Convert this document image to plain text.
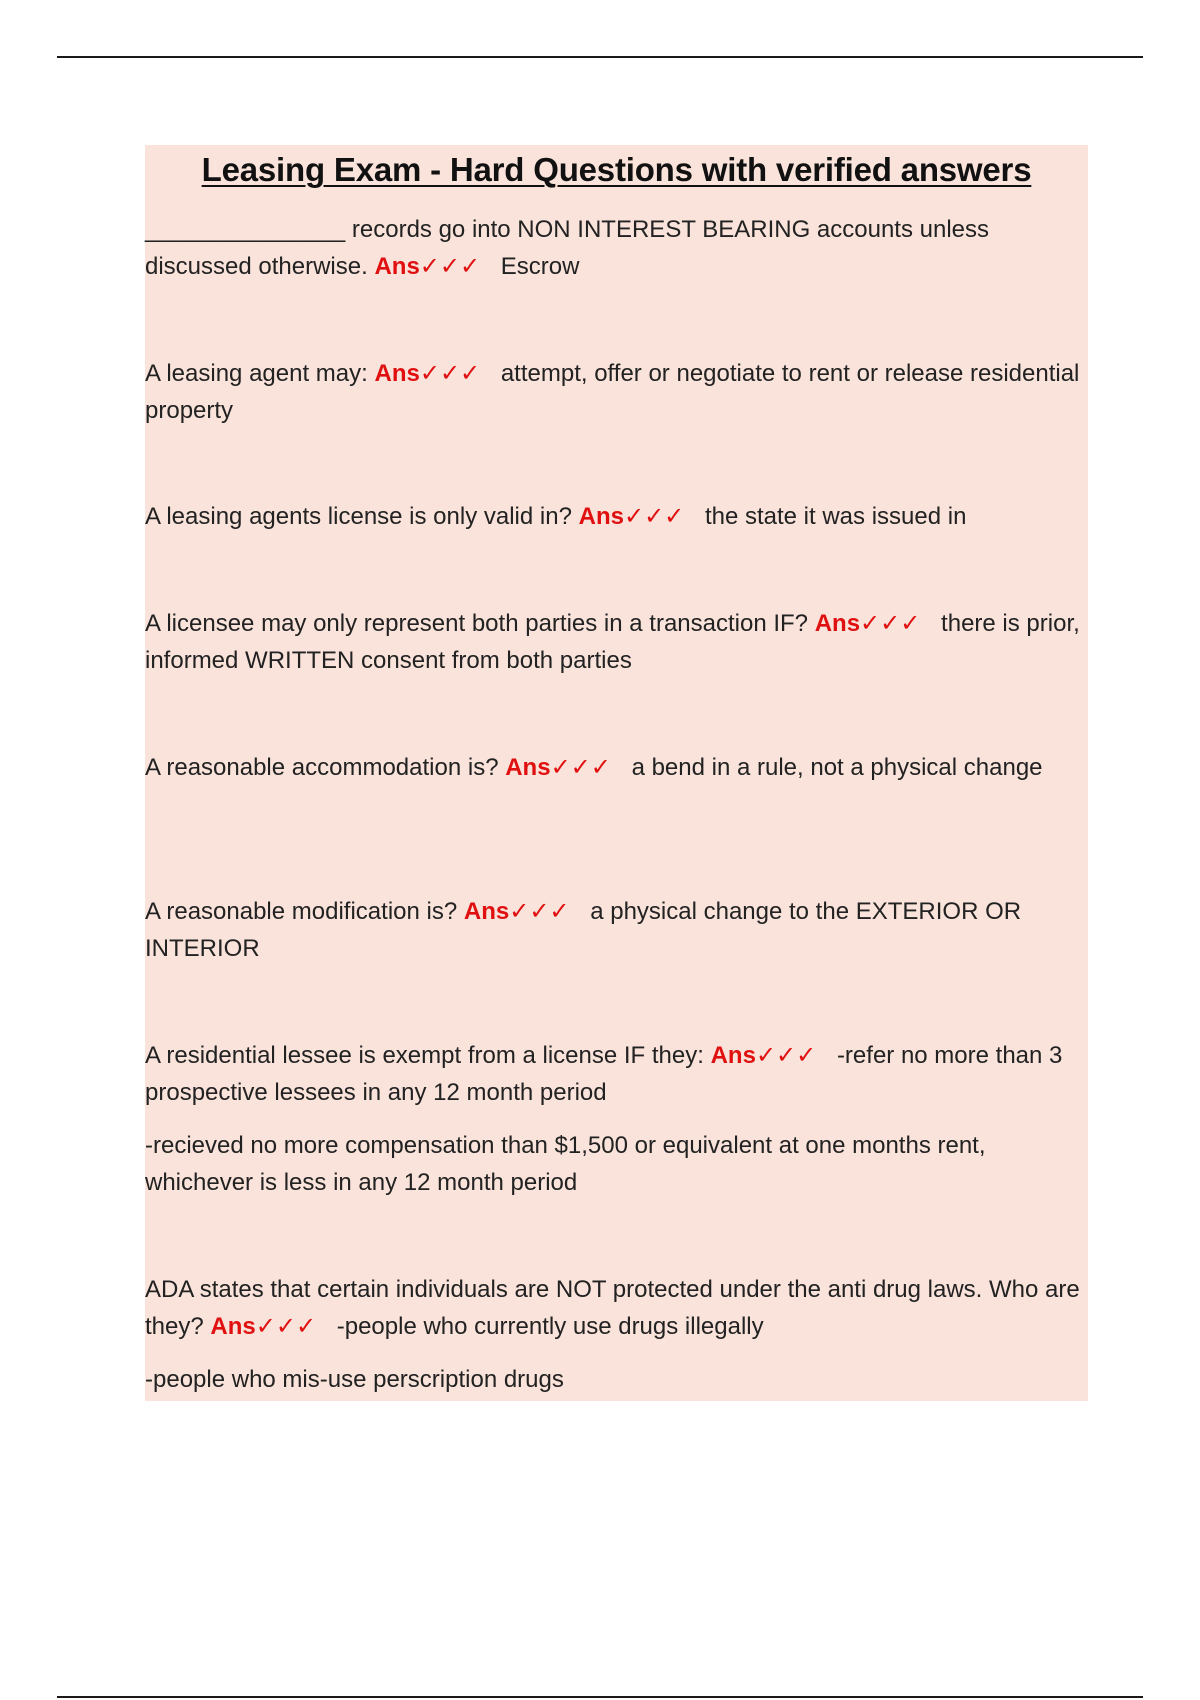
Leasing Exam - Hard Questions with verified answers

_______________ records go into NON INTEREST BEARING accounts unless discussed otherwise. Ans✓✓✓ Escrow

A leasing agent may: Ans✓✓✓ attempt, offer or negotiate to rent or release residential property

A leasing agents license is only valid in? Ans✓✓✓ the state it was issued in

A licensee may only represent both parties in a transaction IF? Ans✓✓✓ there is prior, informed WRITTEN consent from both parties

A reasonable accommodation is? Ans✓✓✓ a bend in a rule, not a physical change

A reasonable modification is? Ans✓✓✓ a physical change to the EXTERIOR OR INTERIOR

A residential lessee is exempt from a license IF they: Ans✓✓✓ -refer no more than 3 prospective lessees in any 12 month period

-recieved no more compensation than $1,500 or equivalent at one months rent, whichever is less in any 12 month period

ADA states that certain individuals are NOT protected under the anti drug laws. Who are they? Ans✓✓✓ -people who currently use drugs illegally

-people who mis-use perscription drugs
